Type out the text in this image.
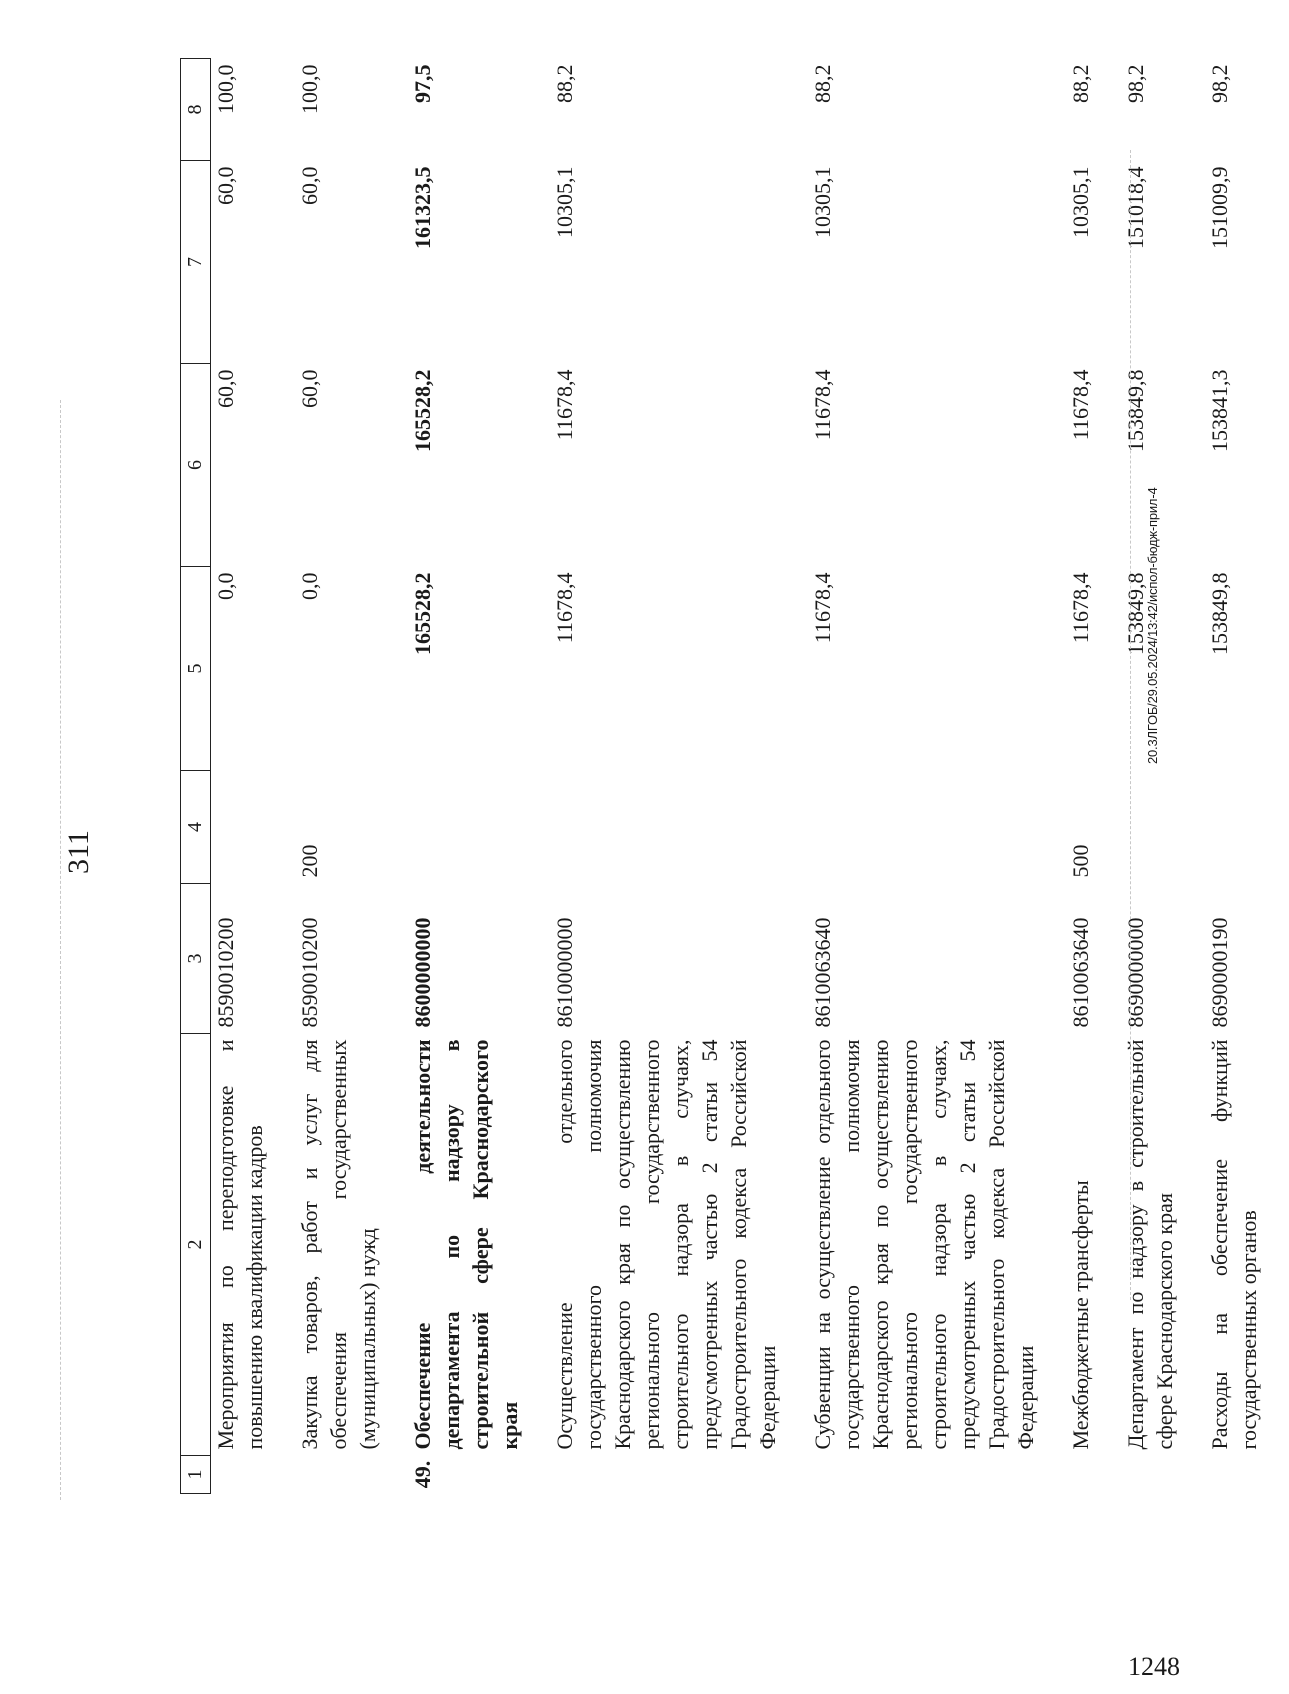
311
1	2	3	4	5	6	7	8
	Мероприятия по переподготовке и повышению квалификации кадров	8590010200		0,0	60,0	60,0	100,0
	Закупка товаров, работ и услуг для обеспечения государственных (муниципальных) нужд	8590010200	200	0,0	60,0	60,0	100,0
49.	Обеспечение деятельности департамента по надзору в строительной сфере Краснодарского края	8600000000		165528,2	165528,2	161323,5	97,5
	Осуществление отдельного государственного полномочия Краснодарского края по осуществлению регионального государственного строительного надзора в случаях, предусмотренных частью 2 статьи 54 Градостроительного кодекса Российской Федерации	8610000000		11678,4	11678,4	10305,1	88,2
	Субвенции на осуществление отдельного государственного полномочия Краснодарского края по осуществлению регионального государственного строительного надзора в случаях, предусмотренных частью 2 статьи 54 Градостроительного кодекса Российской Федерации	8610063640		11678,4	11678,4	10305,1	88,2
	Межбюджетные трансферты	8610063640	500	11678,4	11678,4	10305,1	88,2
	Департамент по надзору в строительной сфере Краснодарского края	8690000000		153849,8	153849,8	151018,4	98,2
	Расходы на обеспечение функций государственных органов	8690000190		153849,8	153841,3	151009,9	98,2
20.3ЛГОБ/29.05.2024/13:42/испол-бюдж-прил-4
1248
